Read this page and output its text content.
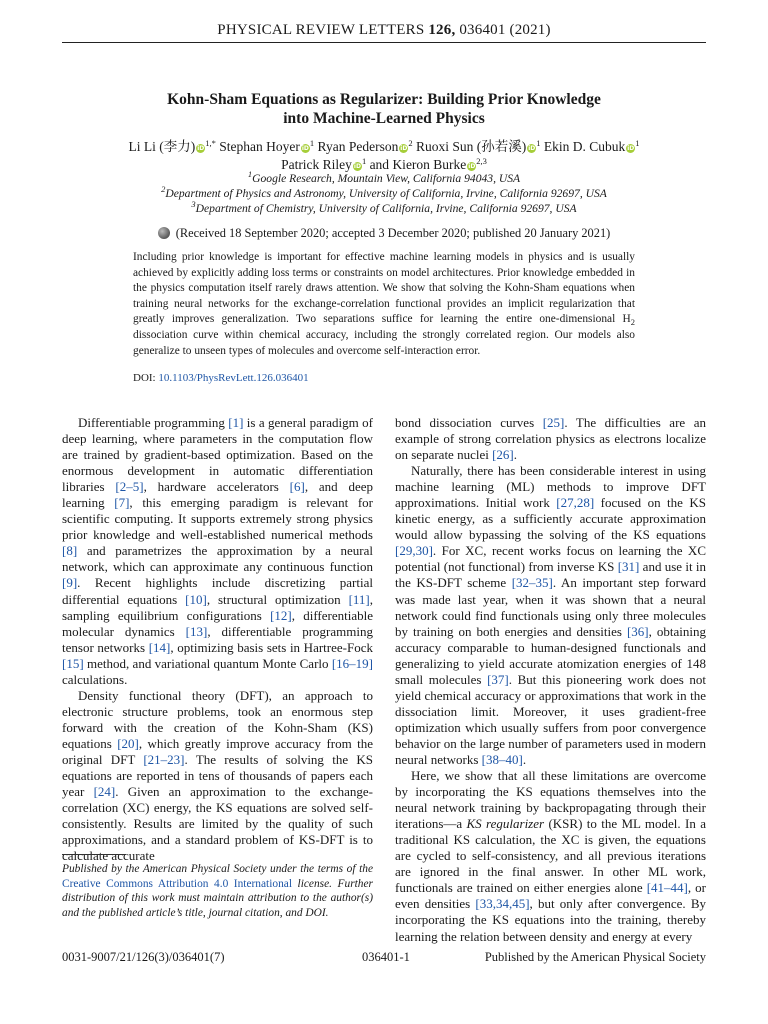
PHYSICAL REVIEW LETTERS 126, 036401 (2021)
Kohn-Sham Equations as Regularizer: Building Prior Knowledge
into Machine-Learned Physics
Li Li (李力) $iD^{1,*}$ Stephan Hoyer $iD^1$ Ryan Pederson $iD^2$ Ruoxi Sun (孙若溪) $iD^1$ Ekin D. Cubuk $iD^1$
Patrick Riley $iD^1$ and Kieron Burke iD$^{2,3}$
$^1$Google Research, Mountain View, California 94043, USA
$^2$Department of Physics and Astronomy, University of California, Irvine, California 92697, USA
$^3$Department of Chemistry, University of California, Irvine, California 92697, USA
(Received 18 September 2020; accepted 3 December 2020; published 20 January 2021)
Including prior knowledge is important for effective machine learning models in physics and is usually achieved by explicitly adding loss terms or constraints on model architectures. Prior knowledge embedded in the physics computation itself rarely draws attention. We show that solving the Kohn-Sham equations when training neural networks for the exchange-correlation functional provides an implicit regularization that greatly improves generalization. Two separations suffice for learning the entire one-dimensional $H_2$ dissociation curve within chemical accuracy, including the strongly correlated region. Our models also generalize to unseen types of molecules and overcome self-interaction error.
DOI: 10.1103/PhysRevLett.126.036401

Differentiable programming [1] is a general paradigm of deep learning, where parameters in the computation flow are trained by gradient-based optimization. Based on the enormous development in automatic differentiation libraries [2–5], hardware accelerators [6], and deep learning [7], this emerging paradigm is relevant for scientific computing. It supports extremely strong physics prior knowledge and well-established numerical methods [8] and parametrizes the approximation by a neural network, which can approximate any continuous function [9]. Recent highlights include discretizing partial differential equations [10], structural optimization [11], sampling equilibrium configurations [12], differentiable molecular dynamics [13], differentiable programming tensor networks [14], optimizing basis sets in Hartree-Fock [15] method, and variational quantum Monte Carlo [16–19] calculations.

Density functional theory (DFT), an approach to electronic structure problems, took an enormous step forward with the creation of the Kohn-Sham (KS) equations [20], which greatly improve accuracy from the original DFT [21–23]. The results of solving the KS equations are reported in tens of thousands of papers each year [24]. Given an approximation to the exchange-correlation (XC) energy, the KS equations are solved self-consistently. Results are limited by the quality of such approximations, and a standard problem of KS-DFT is to calculate accurate

bond dissociation curves [25]. The difficulties are an example of strong correlation physics as electrons localize on separate nuclei [26].

Naturally, there has been considerable interest in using machine learning (ML) methods to improve DFT approximations. Initial work [27,28] focused on the KS kinetic energy, as a sufficiently accurate approximation would allow bypassing the solving of the KS equations [29,30]. For XC, recent works focus on learning the XC potential (not functional) from inverse KS [31] and use it in the KS-DFT scheme [32–35]. An important step forward was made last year, when it was shown that a neural network could find functionals using only three molecules by training on both energies and densities [36], obtaining accuracy comparable to human-designed functionals and generalizing to yield accurate atomization energies of 148 small molecules [37]. But this pioneering work does not yield chemical accuracy or approximations that work in the dissociation limit. Moreover, it uses gradient-free optimization which usually suffers from poor convergence behavior on the large number of parameters used in modern neural networks [38–40].

Here, we show that all these limitations are overcome by incorporating the KS equations themselves into the neural network training by backpropagating through their iterations—a KS regularizer (KSR) to the ML model. In a traditional KS calculation, the XC is given, the equations are cycled to self-consistency, and all previous iterations are ignored in the final answer. In other ML work, functionals are trained on either energies alone [41–44], or even densities [33,34,45], but only after convergence. By incorporating the KS equations into the training, thereby learning the relation between density and energy at every

Published by the American Physical Society under the terms of the Creative Commons Attribution 4.0 International license. Further distribution of this work must maintain attribution to the author(s) and the published article’s title, journal citation, and DOI.
0031-9007/21/126(3)/036401(7)	036401-1	Published by the American Physical Society
